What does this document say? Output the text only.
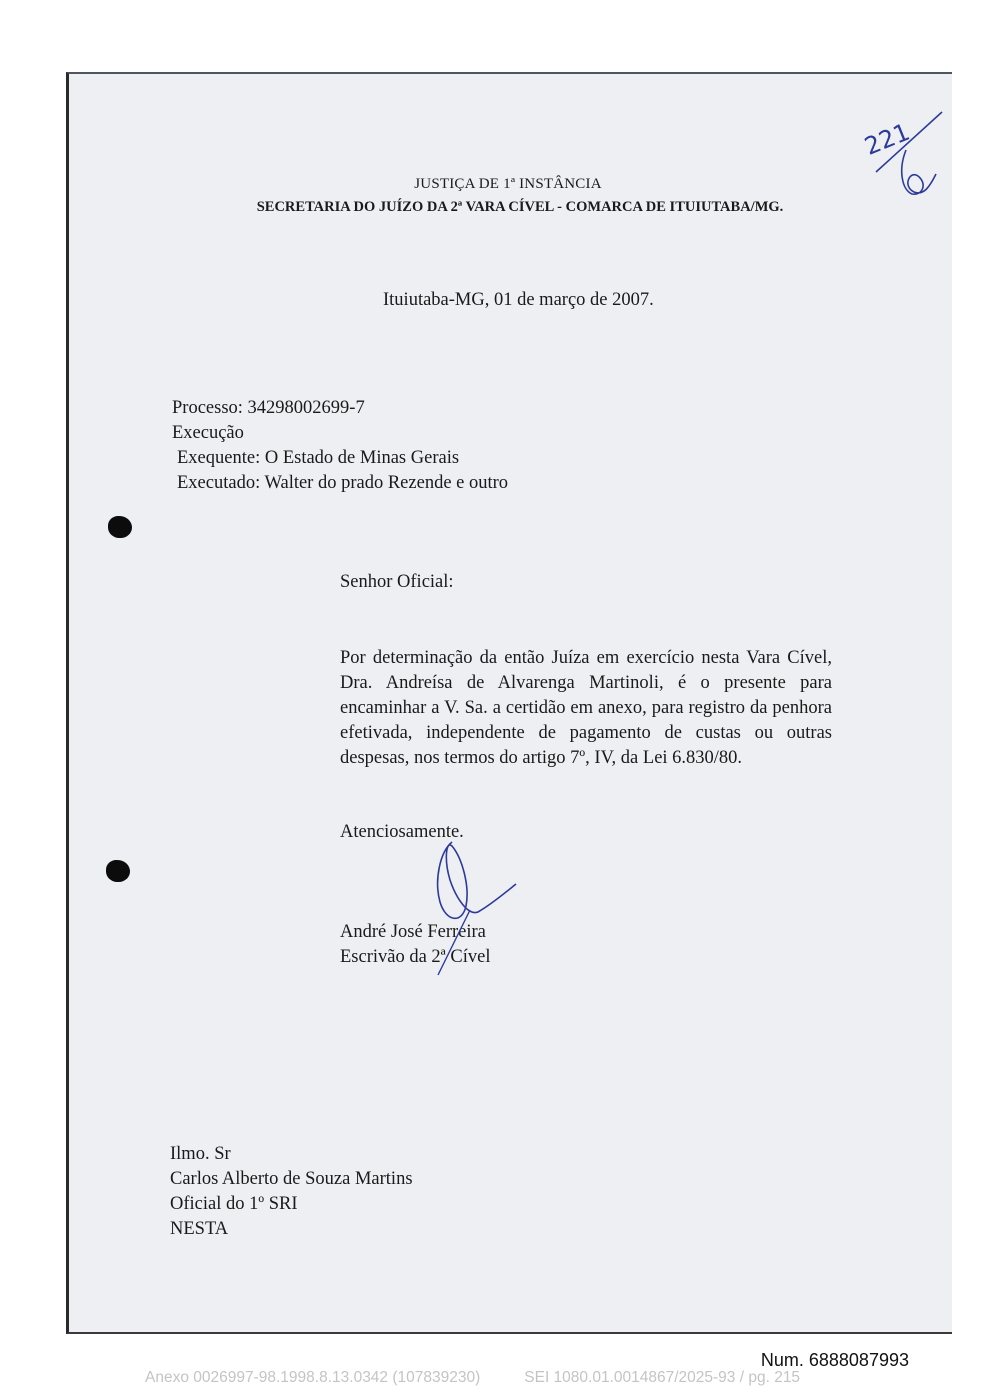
JUSTIÇA DE 1ª INSTÂNCIA
SECRETARIA DO JUÍZO DA 2ª VARA CÍVEL - COMARCA DE ITUIUTABA/MG.
Ituiutaba-MG, 01 de março de 2007.
Processo: 34298002699-7
Execução
Exequente: O Estado de Minas Gerais
Executado: Walter do prado Rezende e outro
Senhor Oficial:
Por determinação da então Juíza em exercício nesta Vara Cível, Dra. Andreísa de Alvarenga Martinoli, é o presente para encaminhar a V. Sa. a certidão em anexo, para registro da penhora efetivada, independente de pagamento de custas ou outras despesas, nos termos do artigo 7º, IV, da Lei 6.830/80.
Atenciosamente.
André José Ferreira
Escrivão da 2ª Cível
Ilmo. Sr
Carlos Alberto de Souza Martins
Oficial do 1º SRI
NESTA
221
Num. 6888087993
Anexo 0026997-98.1998.8.13.0342 (107839230)	SEI 1080.01.0014867/2025-93 / pg. 215
